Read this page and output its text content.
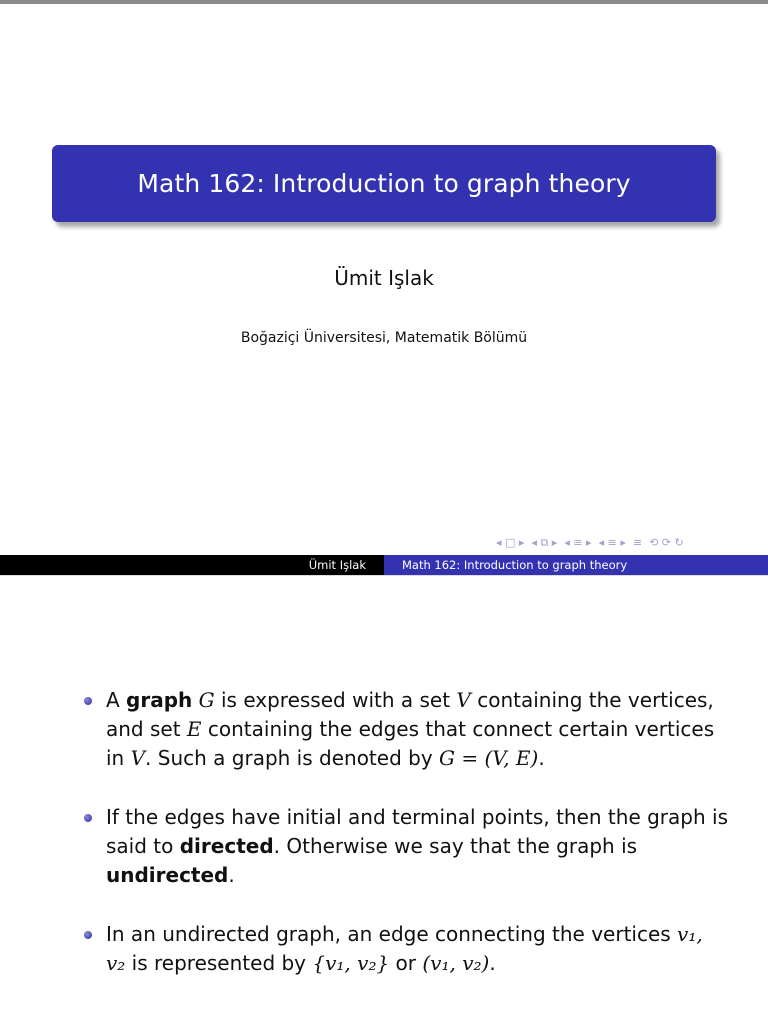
Math 162: Introduction to graph theory
Ümit Işlak
Boğaziçi Üniversitesi, Matematik Bölümü
◂ □ ▸ ◂ ⧉ ▸ ◂ ≡ ▸ ◂ ≡ ▸ ≡ ⟲ ⟳ ↻
Ümit Işlak	Math 162: Introduction to graph theory
A graph G is expressed with a set V containing the vertices, and set E containing the edges that connect certain vertices in V. Such a graph is denoted by G = (V, E).
If the edges have initial and terminal points, then the graph is said to directed. Otherwise we say that the graph is undirected.
In an undirected graph, an edge connecting the vertices v₁, v₂ is represented by {v₁, v₂} or (v₁, v₂).
